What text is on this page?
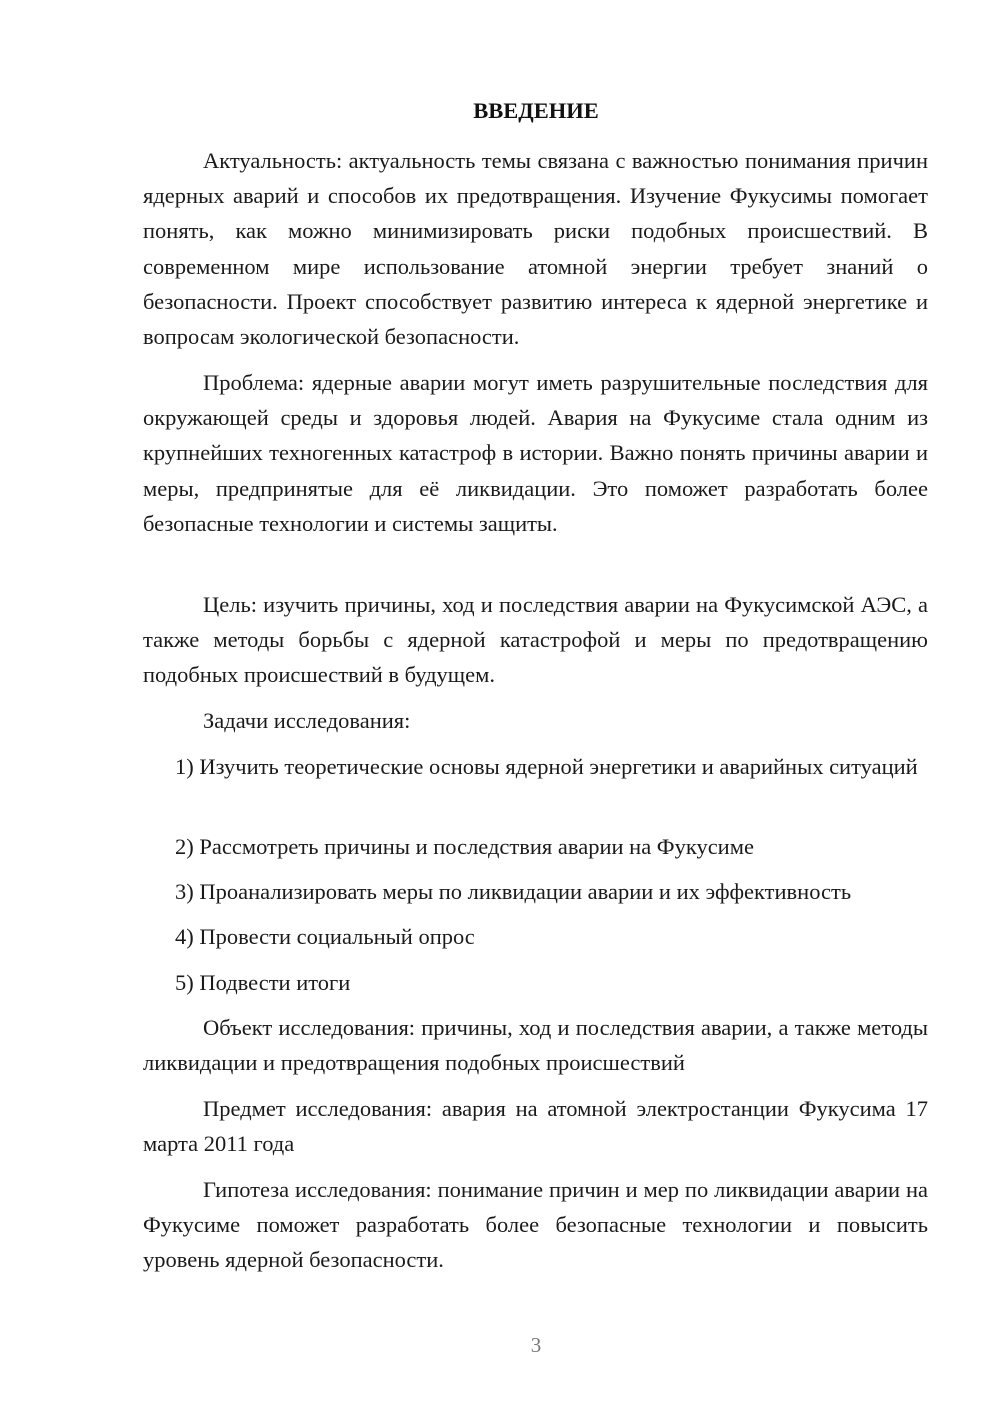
ВВЕДЕНИЕ

Актуальность: актуальность темы связана с важностью понимания причин ядерных аварий и способов их предотвращения. Изучение Фукусимы помогает понять, как можно минимизировать риски подобных происшествий. В современном мире использование атомной энергии требует знаний о безопасности. Проект способствует развитию интереса к ядерной энергетике и вопросам экологической безопасности.

Проблема: ядерные аварии могут иметь разрушительные последствия для окружающей среды и здоровья людей. Авария на Фукусиме стала одним из крупнейших техногенных катастроф в истории. Важно понять причины аварии и меры, предпринятые для её ликвидации. Это поможет разработать более безопасные технологии и системы защиты.

Цель: изучить причины, ход и последствия аварии на Фукусимской АЭС, а также методы борьбы с ядерной катастрофой и меры по предотвращению подобных происшествий в будущем.

Задачи исследования:

1) Изучить теоретические основы ядерной энергетики и аварийных ситуаций

2) Рассмотреть причины и последствия аварии на Фукусиме

3) Проанализировать меры по ликвидации аварии и их эффективность

4) Провести социальный опрос

5) Подвести итоги

Объект исследования: причины, ход и последствия аварии, а также методы ликвидации и предотвращения подобных происшествий

Предмет исследования: авария на атомной электростанции Фукусима 17 марта 2011 года

Гипотеза исследования: понимание причин и мер по ликвидации аварии на Фукусиме поможет разработать более безопасные технологии и повысить уровень ядерной безопасности.

3
